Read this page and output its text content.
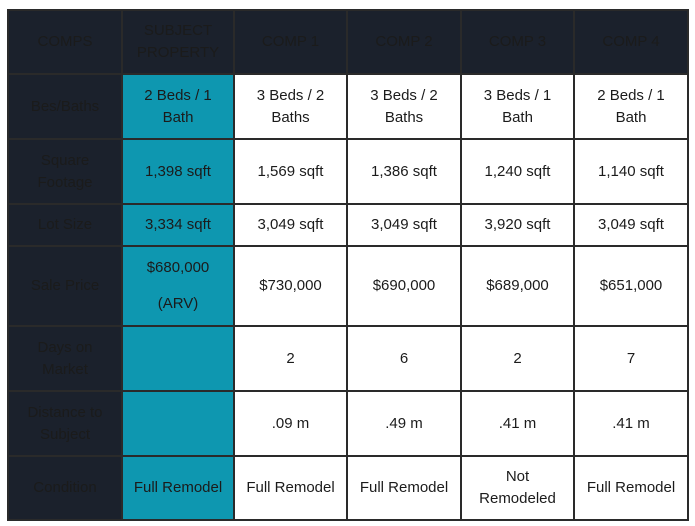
COMPS	SUBJECT PROPERTY	COMP 1	COMP 2	COMP 3	COMP 4
Bes/Baths	2 Beds / 1 Bath	3 Beds / 2 Baths	3 Beds / 2 Baths	3 Beds / 1 Bath	2 Beds / 1 Bath
Square Footage	1,398 sqft	1,569 sqft	1,386 sqft	1,240 sqft	1,140 sqft
Lot Size	3,334 sqft	3,049 sqft	3,049 sqft	3,920 sqft	3,049 sqft
Sale Price	$680,000 (ARV)	$730,000	$690,000	$689,000	$651,000
Days on Market		2	6	2	7
Distance to Subject		.09 m	.49 m	.41 m	.41 m
Condition	Full Remodel	Full Remodel	Full Remodel	Not Remodeled	Full Remodel
